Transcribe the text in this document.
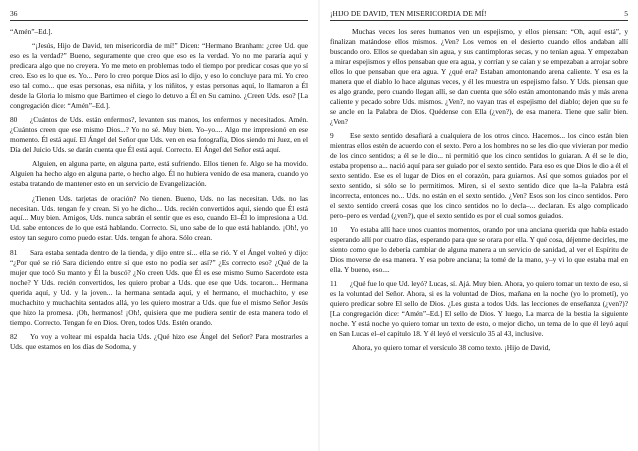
36

“Amén”–Ed.].

“¡Jesús, Hijo de David, ten misericordia de mí!” Dicen: “Hermano Branham: ¿cree Ud. que eso es la verdad?” Bueno, seguramente que creo que eso es la verdad. Yo no me pararía aquí y predicara algo que no creyera. Yo me meto en problemas todo el tiempo por predicar cosas que yo sí creo. Eso es lo que es. Yo... Pero lo creo porque Dios así lo dijo, y eso lo concluye para mí. Yo creo eso tal como... que esas personas, esa niñita, y los niñitos, y estas personas aquí, lo llamaron a Él desde la Gloria lo mismo que Bartimeo el ciego lo detuvo a Él en Su camino. ¿Creen Uds. eso? [La congregación dice: “Amén”–Ed.].

80 ¿Cuántos de Uds. están enfermos?, levanten sus manos, los enfermos y necesitados. Amén. ¿Cuántos creen que ese mismo Dios...? Yo no sé. Muy bien. Yo–yo.... Algo me impresionó en ese momento. Él está aquí. El Ángel del Señor que Uds. ven en esa fotografía, Dios siendo mi Juez, en el Día del Juicio Uds. se darán cuenta que Él está aquí. Correcto. El Ángel del Señor está aquí.

Alguien, en alguna parte, en alguna parte, está sufriendo. Ellos tienen fe. Algo se ha movido. Alguien ha hecho algo en alguna parte, o hecho algo. Él no hubiera venido de esa manera, cuando yo estaba tratando de mantener esto en un servicio de Evangelización.

¿Tienen Uds. tarjetas de oración? No tienen. Bueno, Uds. no las necesitan. Uds. no las necesitan. Uds. tengan fe y crean. Si yo he dicho... Uds. recién convertidos aquí, siendo que Él está aquí... Muy bien. Amigos, Uds. nunca sabrán el sentir que es eso, cuando El–Él lo impresiona a Ud. Ud. sabe entonces de lo que está hablando. Correcto. Si, uno sabe de lo que está hablando. ¡Oh!, yo estoy tan seguro como puedo estar. Uds. tengan fe ahora. Sólo crean.

81 Sara estaba sentada dentro de la tienda, y dijo entre sí... ella se rió. Y el Ángel volteó y dijo: “¿Por qué se rió Sara diciendo entre sí que esto no podía ser así?” ¿Es correcto eso? ¿Qué de la mujer que tocó Su manto y Él la buscó? ¿No creen Uds. que Él es ese mismo Sumo Sacerdote esta noche? Y Uds. recién convertidos, les quiero probar a Uds. que ese que Uds. tocaron... Hermana querida aquí, y Ud. y la joven... la hermana sentada aquí, y el hermano, el muchachito, y ese muchachito y muchachita sentados allá, yo les quiero mostrar a Uds. que fue el mismo Señor Jesús que hizo la promesa. ¡Oh, hermanos! ¡Oh!, quisiera que me pudiera sentir de esta manera todo el tiempo. Correcto. Tengan fe en Dios. Oren, todos Uds. Estén orando.

82 Yo voy a voltear mi espalda hacia Uds. ¿Qué hizo ese Ángel del Señor? Para mostrarles a Uds. que estamos en los días de Sodoma, y

¡HIJO DE DAVID, TEN MISERICORDIA DE MÍ!	5

Muchas veces los seres humanos ven un espejismo, y ellos piensan: “Oh, aquí está”, y finalizan matándose ellos mismos. ¿Ven? Los vemos en el desierto cuando ellos andaban allí buscando oro. Ellos se quedaban sin agua, y sus cantimploras secas, y no tenían agua. Y empezaban a mirar espejismos y ellos pensaban que era agua, y corrían y se caían y se empezaban a arrojar sobre ellos lo que pensaban que era agua. Y ¿qué era? Estaban amontonando arena caliente. Y esa es la manera que el diablo lo hace algunas veces, y él les muestra un espejismo falso. Y Uds. piensan que es algo grande, pero cuando llegan allí, se dan cuenta que sólo están amontonando más y más arena caliente y pecado sobre Uds. mismos. ¿Ven?, no vayan tras el espejismo del diablo; dejen que su fe se ancle en la Palabra de Dios. Quédense con Ella (¿ven?), de esa manera. Tiene que salir bien. ¿Ven?

9 Ese sexto sentido desafiará a cualquiera de los otros cinco. Hacemos... los cinco están bien mientras ellos estén de acuerdo con el sexto. Pero a los hombres no se les dio que vivieran por medio de los cinco sentidos; a él se le dio... ni permitió que los cinco sentidos lo guiaran. A él se le dio, estaba propenso a... nació aquí para ser guiado por el sexto sentido. Para eso es que Dios le dio a él el sexto sentido. Ese es el lugar de Dios en el corazón, para guiarnos. Así que somos guiados por el sexto sentido, si sólo se lo permitimos. Miren, si el sexto sentido dice que la–la Palabra está incorrecta, entonces no... Uds. no están en el sexto sentido. ¿Ven? Esos son los cinco sentidos. Pero el sexto sentido creerá cosas que los cinco sentidos no lo decla–... declaran. Es algo complicado pero–pero es verdad (¿ven?), que el sexto sentido es por el cual somos guiados.

10 Yo estaba allí hace unos cuantos momentos, orando por una anciana querida que había estado esperando allí por cuatro días, esperando para que se orara por ella. Y qué cosa, déjenme decirles, me siento como que lo debería cambiar de alguna manera a un servicio de sanidad, al ver el Espíritu de Dios moverse de esa manera. Y esa pobre anciana; la tomé de la mano, y–y vi lo que estaba mal en ella. Y bueno, eso....

11 ¿Qué fue lo que Ud. leyó? Lucas, sí. Ajá. Muy bien. Ahora, yo quiero tomar un texto de eso, si es la voluntad del Señor. Ahora, si es la voluntad de Dios, mañana en la noche (yo lo prometí), yo quiero predicar sobre El sello de Dios. ¿Les gusta a todos Uds. las lecciones de enseñanza (¿ven?)? [La congregación dice: “Amén”–Ed.] El sello de Dios. Y luego, La marca de la bestia la siguiente noche. Y está noche yo quiero tomar un texto de esto, o mejor dicho, un tema de lo que él leyó aquí en San Lucas el–el capítulo 18. Y él leyó el versículo 35 al 43, inclusive.

Ahora, yo quiero tomar el versículo 38 como texto. ¡Hijo de David,
